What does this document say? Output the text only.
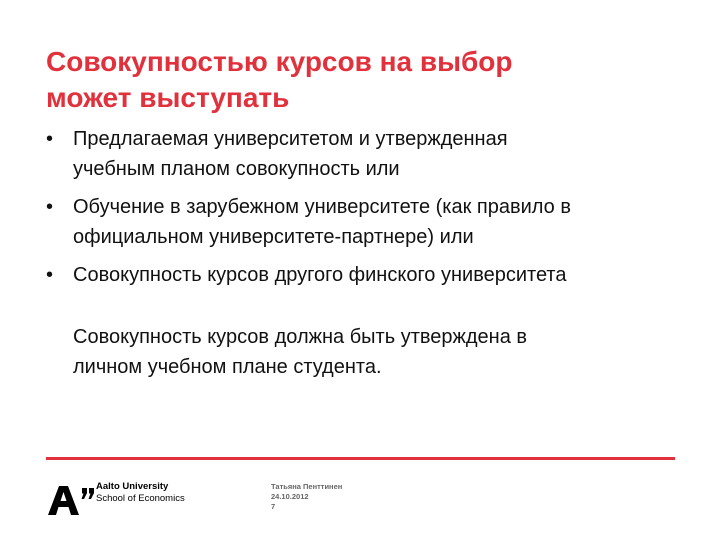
Совокупностью курсов на выбор
может выступать
• Предлагаемая университетом и утвержденная
учебным планом совокупность или
• Обучение в зарубежном университете (как правило в
официальном университете-партнере) или
• Совокупность курсов другого финского университета
Совокупность курсов должна быть утверждена в
личном учебном плане студента.
Aalto University
School of Economics
Татьяна Пенттинен
24.10.2012
7
